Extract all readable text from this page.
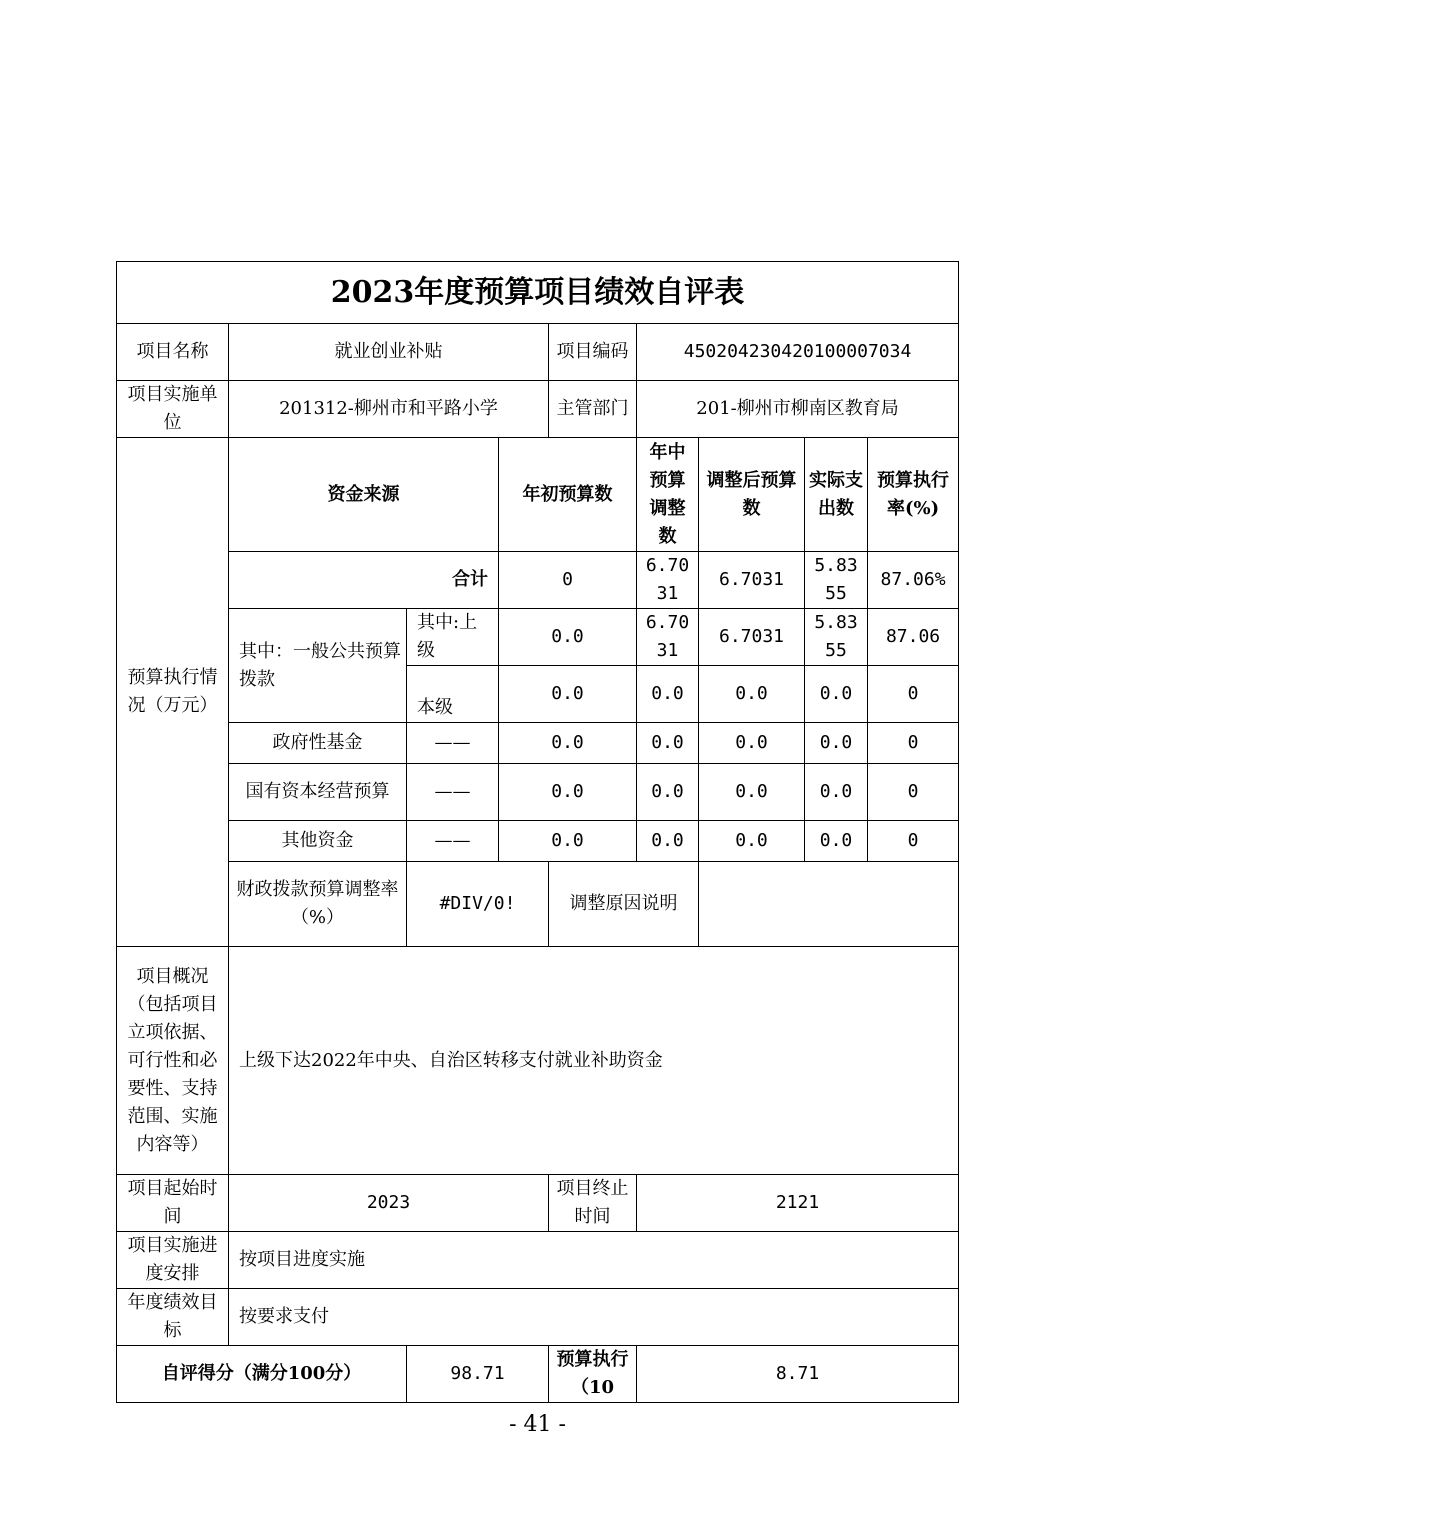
2023年度预算项目绩效自评表								
项目名称	就业创业补贴			项目编码	450204230420100007034			
项目实施单位	201312-柳州市和平路小学			主管部门	201-柳州市柳南区教育局			
预算执行情况（万元）	资金来源		年初预算数		年中预算调整数	调整后预算数	实际支出数	预算执行率(%)
	合计		0		6.7031	6.7031	5.8355	87.06%
	其中：一般公共预算拨款	其中:上级	0.0		6.7031	6.7031	5.8355	87.06
		本级	0.0		0.0	0.0	0.0	0
	政府性基金	——	0.0		0.0	0.0	0.0	0
	国有资本经营预算	——	0.0		0.0	0.0	0.0	0
	其他资金	——	0.0		0.0	0.0	0.0	0
	财政拨款预算调整率（%）	#DIV/0!		调整原因说明				
项目概况（包括项目立项依据、可行性和必要性、支持范围、实施内容等）	上级下达2022年中央、自治区转移支付就业补助资金							
项目起始时间	2023			项目终止时间	2121			
项目实施进度安排	按项目进度实施							
年度绩效目标	按要求支付							
自评得分（满分100分）		98.71		预算执行（10	8.71			
- 41 -
